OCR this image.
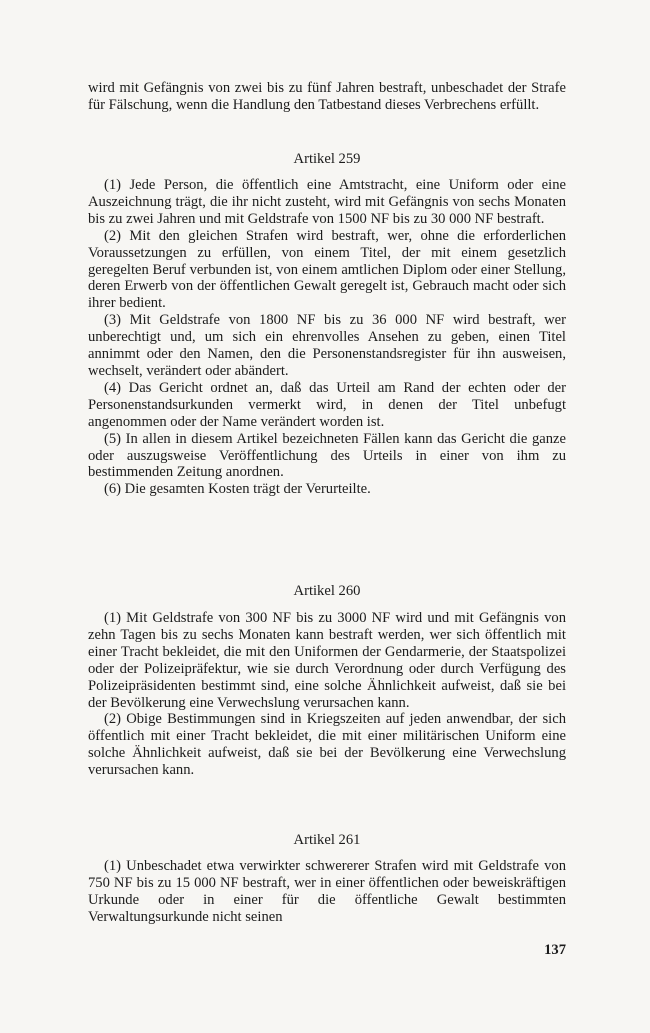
wird mit Gefängnis von zwei bis zu fünf Jahren bestraft, unbeschadet der Strafe für Fälschung, wenn die Handlung den Tatbestand dieses Verbrechens erfüllt.

Artikel 259

(1) Jede Person, die öffentlich eine Amtstracht, eine Uniform oder eine Auszeichnung trägt, die ihr nicht zusteht, wird mit Gefängnis von sechs Monaten bis zu zwei Jahren und mit Geldstrafe von 1500 NF bis zu 30 000 NF bestraft.

(2) Mit den gleichen Strafen wird bestraft, wer, ohne die erforderlichen Voraussetzungen zu erfüllen, von einem Titel, der mit einem gesetzlich geregelten Beruf verbunden ist, von einem amtlichen Diplom oder einer Stellung, deren Erwerb von der öffentlichen Gewalt geregelt ist, Gebrauch macht oder sich ihrer bedient.

(3) Mit Geldstrafe von 1800 NF bis zu 36 000 NF wird bestraft, wer unberechtigt und, um sich ein ehrenvolles Ansehen zu geben, einen Titel annimmt oder den Namen, den die Personenstandsregister für ihn ausweisen, wechselt, verändert oder abändert.

(4) Das Gericht ordnet an, daß das Urteil am Rand der echten oder der Personenstandsurkunden vermerkt wird, in denen der Titel unbefugt angenommen oder der Name verändert worden ist.

(5) In allen in diesem Artikel bezeichneten Fällen kann das Gericht die ganze oder auszugsweise Veröffentlichung des Urteils in einer von ihm zu bestimmenden Zeitung anordnen.

(6) Die gesamten Kosten trägt der Verurteilte.

Artikel 260

(1) Mit Geldstrafe von 300 NF bis zu 3000 NF wird und mit Gefängnis von zehn Tagen bis zu sechs Monaten kann bestraft werden, wer sich öffentlich mit einer Tracht bekleidet, die mit den Uniformen der Gendarmerie, der Staatspolizei oder der Polizeipräfektur, wie sie durch Verordnung oder durch Verfügung des Polizeipräsidenten bestimmt sind, eine solche Ähnlichkeit aufweist, daß sie bei der Bevölkerung eine Verwechslung verursachen kann.

(2) Obige Bestimmungen sind in Kriegszeiten auf jeden anwendbar, der sich öffentlich mit einer Tracht bekleidet, die mit einer militärischen Uniform eine solche Ähnlichkeit aufweist, daß sie bei der Bevölkerung eine Verwechslung verursachen kann.

Artikel 261

(1) Unbeschadet etwa verwirkter schwererer Strafen wird mit Geldstrafe von 750 NF bis zu 15 000 NF bestraft, wer in einer öffentlichen oder beweiskräftigen Urkunde oder in einer für die öffentliche Gewalt bestimmten Verwaltungsurkunde nicht seinen

137
